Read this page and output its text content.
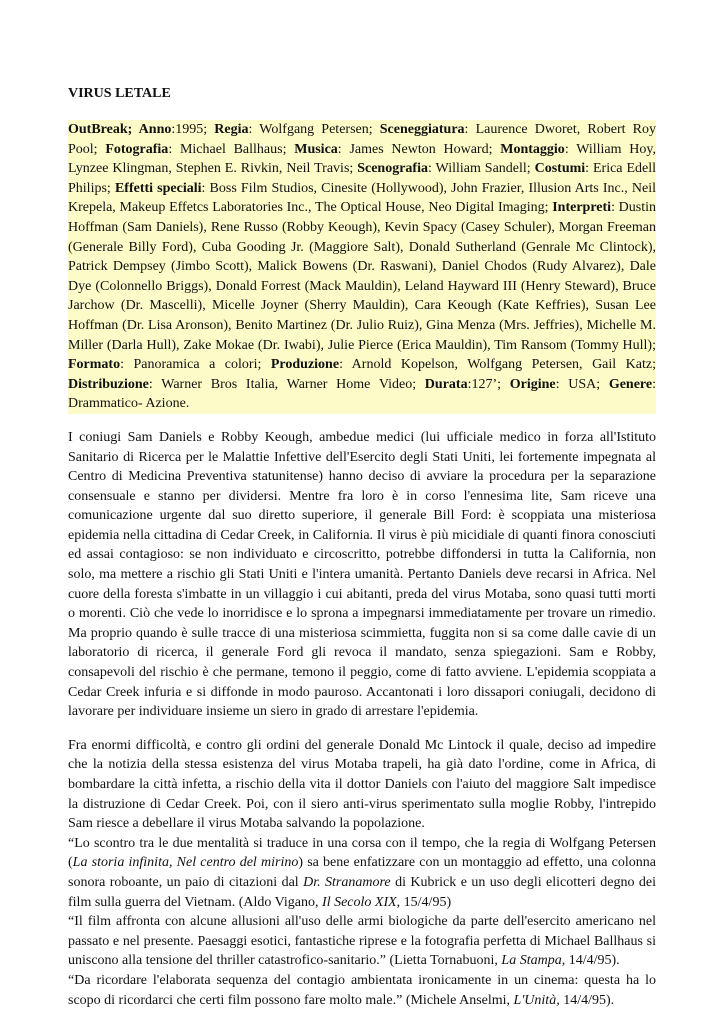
VIRUS LETALE

OutBreak; Anno:1995; Regia: Wolfgang Petersen; Sceneggiatura: Laurence Dworet, Robert Roy Pool; Fotografia: Michael Ballhaus; Musica: James Newton Howard; Montaggio: William Hoy, Lynzee Klingman, Stephen E. Rivkin, Neil Travis; Scenografia: William Sandell; Costumi: Erica Edell Philips; Effetti speciali: Boss Film Studios, Cinesite (Hollywood), John Frazier, Illusion Arts Inc., Neil Krepela, Makeup Effetcs Laboratories Inc., The Optical House, Neo Digital Imaging; Interpreti: Dustin Hoffman (Sam Daniels), Rene Russo (Robby Keough), Kevin Spacy (Casey Schuler), Morgan Freeman (Generale Billy Ford), Cuba Gooding Jr. (Maggiore Salt), Donald Sutherland (Genrale Mc Clintock), Patrick Dempsey (Jimbo Scott), Malick Bowens (Dr. Raswani), Daniel Chodos (Rudy Alvarez), Dale Dye (Colonnello Briggs), Donald Forrest (Mack Mauldin), Leland Hayward III (Henry Steward), Bruce Jarchow (Dr. Mascelli), Micelle Joyner (Sherry Mauldin), Cara Keough (Kate Keffries), Susan Lee Hoffman (Dr. Lisa Aronson), Benito Martinez (Dr. Julio Ruiz), Gina Menza (Mrs. Jeffries), Michelle M. Miller (Darla Hull), Zake Mokae (Dr. Iwabi), Julie Pierce (Erica Mauldin), Tim Ransom (Tommy Hull); Formato: Panoramica a colori; Produzione: Arnold Kopelson, Wolfgang Petersen, Gail Katz; Distribuzione: Warner Bros Italia, Warner Home Video; Durata:127’; Origine: USA; Genere: Drammatico- Azione.

I coniugi Sam Daniels e Robby Keough, ambedue medici (lui ufficiale medico in forza all'Istituto Sanitario di Ricerca per le Malattie Infettive dell'Esercito degli Stati Uniti, lei fortemente impegnata al Centro di Medicina Preventiva statunitense) hanno deciso di avviare la procedura per la separazione consensuale e stanno per dividersi. Mentre fra loro è in corso l'ennesima lite, Sam riceve una comunicazione urgente dal suo diretto superiore, il generale Bill Ford: è scoppiata una misteriosa epidemia nella cittadina di Cedar Creek, in California. Il virus è più micidiale di quanti finora conosciuti ed assai contagioso: se non individuato e circoscritto, potrebbe diffondersi in tutta la California, non solo, ma mettere a rischio gli Stati Uniti e l'intera umanità. Pertanto Daniels deve recarsi in Africa. Nel cuore della foresta s'imbatte in un villaggio i cui abitanti, preda del virus Motaba, sono quasi tutti morti o morenti. Ciò che vede lo inorridisce e lo sprona a impegnarsi immediatamente per trovare un rimedio. Ma proprio quando è sulle tracce di una misteriosa scimmietta, fuggita non si sa come dalle cavie di un laboratorio di ricerca, il generale Ford gli revoca il mandato, senza spiegazioni. Sam e Robby, consapevoli del rischio è che permane, temono il peggio, come di fatto avviene. L'epidemia scoppiata a Cedar Creek infuria e si diffonde in modo pauroso. Accantonati i loro dissapori coniugali, decidono di lavorare per individuare insieme un siero in grado di arrestare l'epidemia.

Fra enormi difficoltà, e contro gli ordini del generale Donald Mc Lintock il quale, deciso ad impedire che la notizia della stessa esistenza del virus Motaba trapeli, ha già dato l'ordine, come in Africa, di bombardare la città infetta, a rischio della vita il dottor Daniels con l'aiuto del maggiore Salt impedisce la distruzione di Cedar Creek. Poi, con il siero anti-virus sperimentato sulla moglie Robby, l'intrepido Sam riesce a debellare il virus Motaba salvando la popolazione.

“Lo scontro tra le due mentalità si traduce in una corsa con il tempo, che la regia di Wolfgang Petersen (La storia infinita, Nel centro del mirino) sa bene enfatizzare con un montaggio ad effetto, una colonna sonora roboante, un paio di citazioni dal Dr. Stranamore di Kubrick e un uso degli elicotteri degno dei film sulla guerra del Vietnam. (Aldo Vigano, Il Secolo XIX, 15/4/95)

“Il film affronta con alcune allusioni all'uso delle armi biologiche da parte dell'esercito americano nel passato e nel presente. Paesaggi esotici, fantastiche riprese e la fotografia perfetta di Michael Ballhaus si uniscono alla tensione del thriller catastrofico-sanitario.” (Lietta Tornabuoni, La Stampa, 14/4/95).

“Da ricordare l'elaborata sequenza del contagio ambientata ironicamente in un cinema: questa ha lo scopo di ricordarci che certi film possono fare molto male.” (Michele Anselmi, L'Unità, 14/4/95).
